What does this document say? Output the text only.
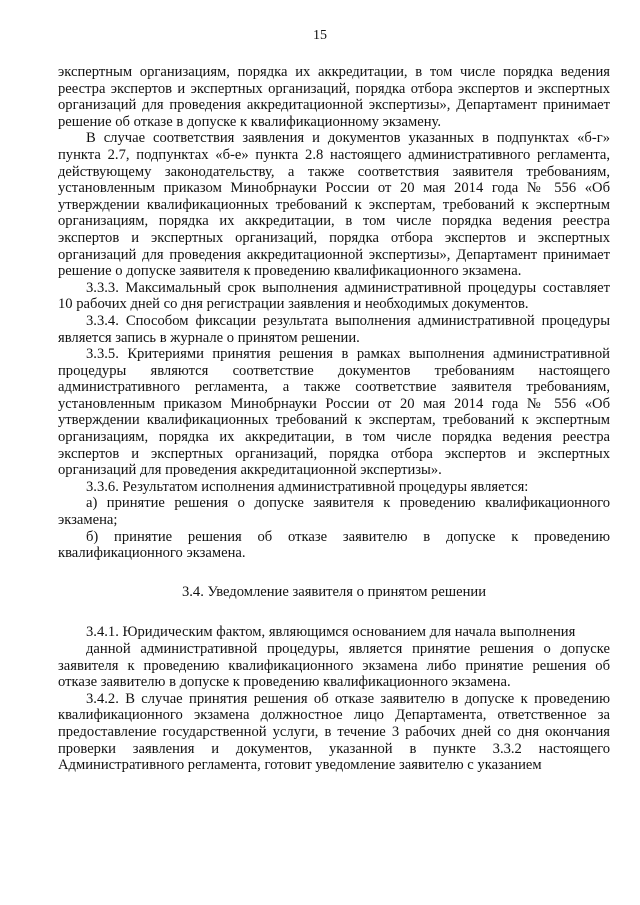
15

экспертным организациям, порядка их аккредитации, в том числе порядка ведения реестра экспертов и экспертных организаций, порядка отбора экспертов и экспертных организаций для проведения аккредитационной экспертизы», Департамент принимает решение об отказе в допуске к квалификационному экзамену.

В случае соответствия заявления и документов указанных в подпунктах «б-г» пункта 2.7, подпунктах «б-е» пункта 2.8 настоящего административного регламента, действующему законодательству, а также соответствия заявителя требованиям, установленным приказом Минобрнауки России от 20 мая 2014 года № 556 «Об утверждении квалификационных требований к экспертам, требований к экспертным организациям, порядка их аккредитации, в том числе порядка ведения реестра экспертов и экспертных организаций, порядка отбора экспертов и экспертных организаций для проведения аккредитационной экспертизы», Департамент принимает решение о допуске заявителя к проведению квалификационного экзамена.

3.3.3. Максимальный срок выполнения административной процедуры составляет 10 рабочих дней со дня регистрации заявления и необходимых документов.

3.3.4. Способом фиксации результата выполнения административной процедуры является запись в журнале о принятом решении.

3.3.5. Критериями принятия решения в рамках выполнения административной процедуры являются соответствие документов требованиям настоящего административного регламента, а также соответствие заявителя требованиям, установленным приказом Минобрнауки России от 20 мая 2014 года № 556 «Об утверждении квалификационных требований к экспертам, требований к экспертным организациям, порядка их аккредитации, в том числе порядка ведения реестра экспертов и экспертных организаций, порядка отбора экспертов и экспертных организаций для проведения аккредитационной экспертизы».

3.3.6. Результатом исполнения административной процедуры является:

а) принятие решения о допуске заявителя к проведению квалификационного экзамена;

б) принятие решения об отказе заявителю в допуске к проведению квалификационного экзамена.

3.4. Уведомление заявителя о принятом решении

3.4.1. Юридическим фактом, являющимся основанием для начала выполнения

данной административной процедуры, является принятие решения о допуске заявителя к проведению квалификационного экзамена либо принятие решения об отказе заявителю в допуске к проведению квалификационного экзамена.

3.4.2. В случае принятия решения об отказе заявителю в допуске к проведению квалификационного экзамена должностное лицо Департамента, ответственное за предоставление государственной услуги, в течение 3 рабочих дней со дня окончания проверки заявления и документов, указанной в пункте 3.3.2 настоящего Административного регламента, готовит уведомление заявителю с указанием
